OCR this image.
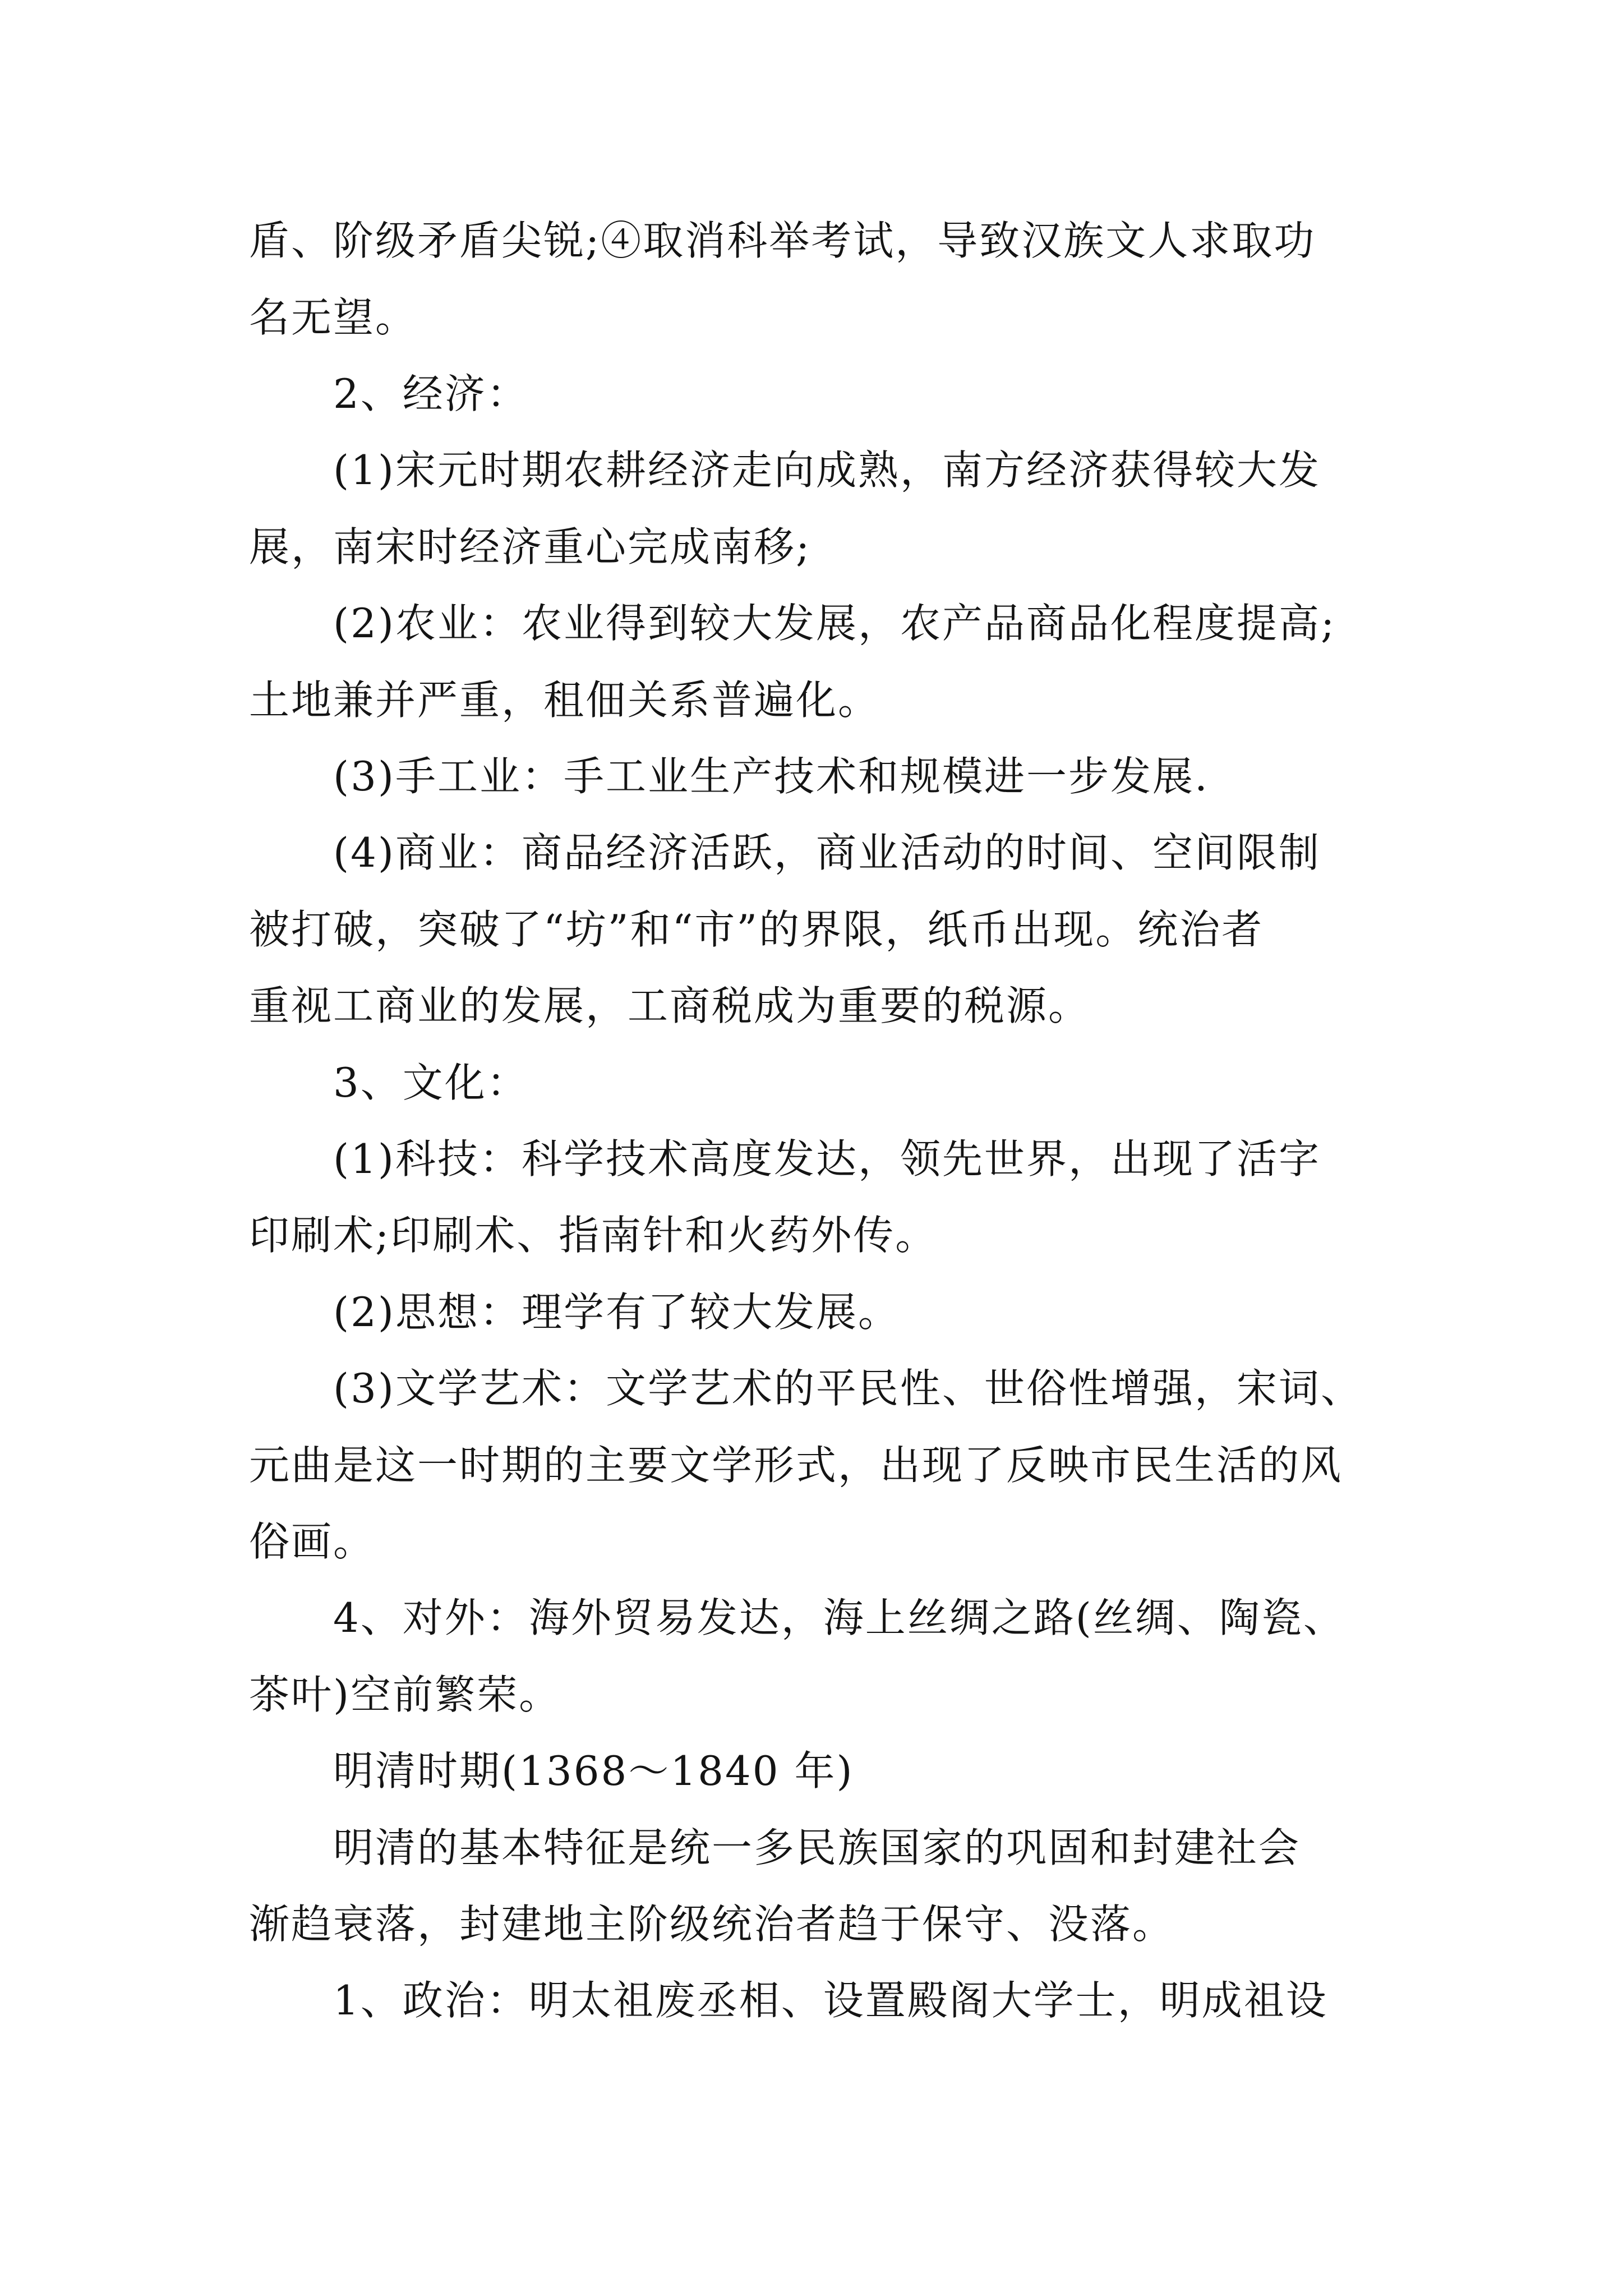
盾、阶级矛盾尖锐;④取消科举考试，导致汉族文人求取功
名无望。
2、经济：
(1)宋元时期农耕经济走向成熟，南方经济获得较大发
展，南宋时经济重心完成南移;
(2)农业：农业得到较大发展，农产品商品化程度提高;
土地兼并严重，租佃关系普遍化。
(3)手工业：手工业生产技术和规模进一步发展.
(4)商业：商品经济活跃，商业活动的时间、空间限制
被打破，突破了“坊”和“市”的界限，纸币出现。统治者
重视工商业的发展，工商税成为重要的税源。
3、文化：
(1)科技：科学技术高度发达，领先世界，出现了活字
印刷术;印刷术、指南针和火药外传。
(2)思想：理学有了较大发展。
(3)文学艺术：文学艺术的平民性、世俗性增强，宋词、
元曲是这一时期的主要文学形式，出现了反映市民生活的风
俗画。
4、对外：海外贸易发达，海上丝绸之路(丝绸、陶瓷、
茶叶)空前繁荣。
明清时期(1368～1840 年)
明清的基本特征是统一多民族国家的巩固和封建社会
渐趋衰落，封建地主阶级统治者趋于保守、没落。
1、政治：明太祖废丞相、设置殿阁大学士，明成祖设
